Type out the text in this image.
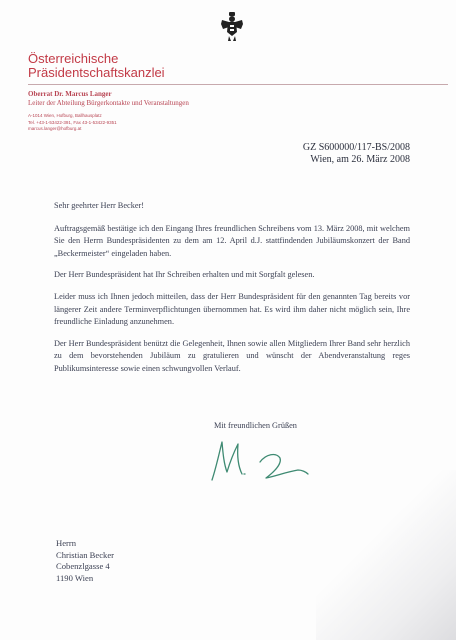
Österreichische
Präsidentschaftskanzlei
Oberrat Dr. Marcus Langer
Leiter der Abteilung Bürgerkontakte und Veranstaltungen
A-1014 Wien, Hofburg, Ballhausplatz
Tel. +43-1-53422-391, Fax 43-1-53422-9351
marcus.langer@hofburg.at
GZ S600000/117-BS/2008
Wien, am 26. März 2008

Sehr geehrter Herr Becker!

Auftragsgemäß bestätige ich den Eingang Ihres freundlichen Schreibens vom 13. März 2008, mit welchem Sie den Herrn Bundespräsidenten zu dem am 12. April d.J. stattfindenden Jubiläumskonzert der Band „Beckermeister“ eingeladen haben.

Der Herr Bundespräsident hat Ihr Schreiben erhalten und mit Sorgfalt gelesen.

Leider muss ich Ihnen jedoch mitteilen, dass der Herr Bundespräsident für den genannten Tag bereits vor längerer Zeit andere Terminverpflichtungen übernommen hat. Es wird ihm daher nicht möglich sein, Ihre freundliche Einladung anzunehmen.

Der Herr Bundespräsident benützt die Gelegenheit, Ihnen sowie allen Mitgliedern Ihrer Band sehr herzlich zu dem bevorstehenden Jubiläum zu gratulieren und wünscht der Abendveranstaltung reges Publikumsinteresse sowie einen schwungvollen Verlauf.

Mit freundlichen Grüßen
Herrn
Christian Becker
Cobenzlgasse 4
1190 Wien
